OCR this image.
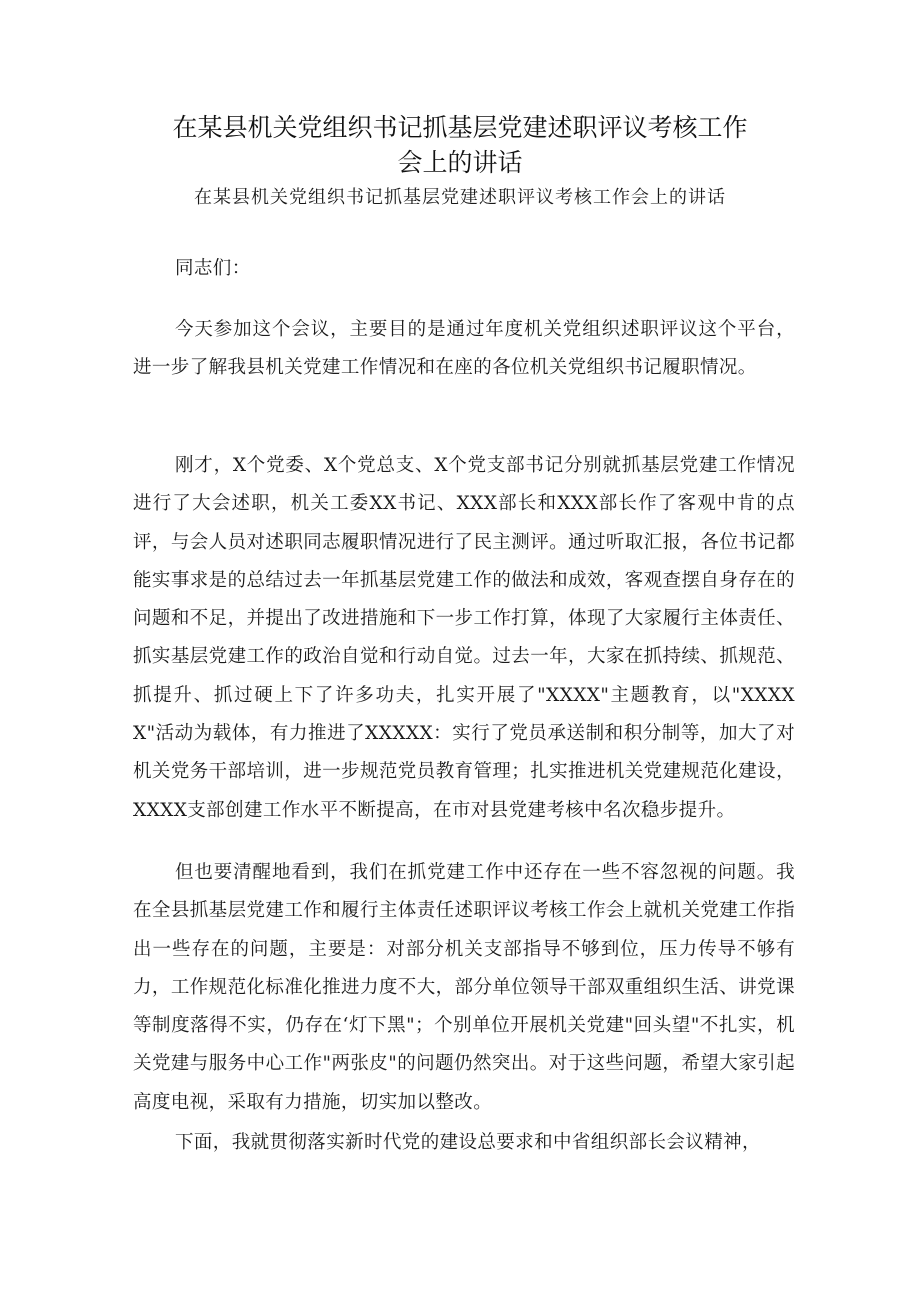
在某县机关党组织书记抓基层党建述职评议考核工作
会上的讲话
在某县机关党组织书记抓基层党建述职评议考核工作会上的讲话

同志们：

今天参加这个会议，主要目的是通过年度机关党组织述职评议这个平台，进一步了解我县机关党建工作情况和在座的各位机关党组织书记履职情况。

刚才，X个党委、X个党总支、X个党支部书记分别就抓基层党建工作情况进行了大会述职，机关工委XX书记、XXX部长和XXX部长作了客观中肯的点评，与会人员对述职同志履职情况进行了民主测评。通过听取汇报，各位书记都能实事求是的总结过去一年抓基层党建工作的做法和成效，客观查摆自身存在的问题和不足，并提出了改进措施和下一步工作打算，体现了大家履行主体责任、抓实基层党建工作的政治自觉和行动自觉。过去一年，大家在抓持续、抓规范、抓提升、抓过硬上下了许多功夫，扎实开展了"XXXX"主题教育，以"XXXXX"活动为载体，有力推进了XXXXX：实行了党员承送制和积分制等，加大了对机关党务干部培训，进一步规范党员教育管理；扎实推进机关党建规范化建设，XXXX支部创建工作水平不断提高，在市对县党建考核中名次稳步提升。

但也要清醒地看到，我们在抓党建工作中还存在一些不容忽视的问题。我在全县抓基层党建工作和履行主体责任述职评议考核工作会上就机关党建工作指出一些存在的问题，主要是：对部分机关支部指导不够到位，压力传导不够有力，工作规范化标准化推进力度不大，部分单位领导干部双重组织生活、讲党课等制度落得不实，仍存在‘灯下黑"；个别单位开展机关党建"回头望"不扎实，机关党建与服务中心工作"两张皮"的问题仍然突出。对于这些问题，希望大家引起高度电视，采取有力措施，切实加以整改。

下面，我就贯彻落实新时代党的建设总要求和中省组织部长会议精神，
